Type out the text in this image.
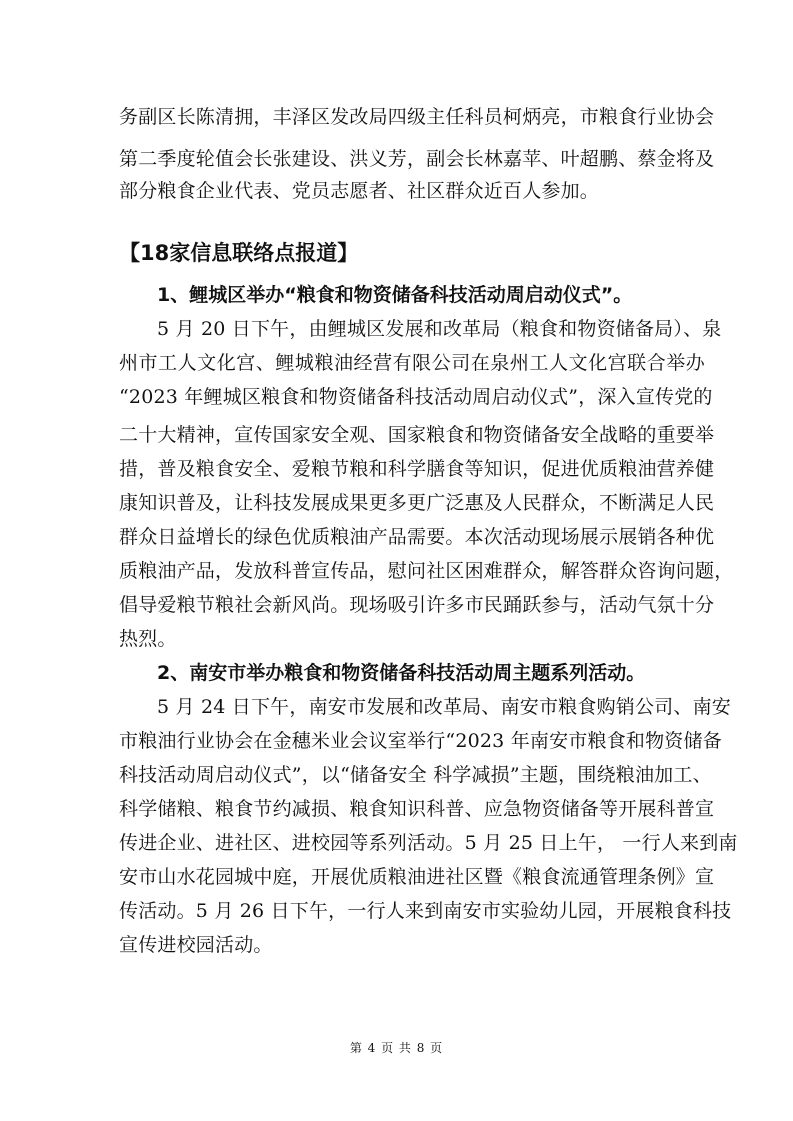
务副区长陈清拥，丰泽区发改局四级主任科员柯炳亮，市粮食行业协会
第二季度轮值会长张建设、洪义芳，副会长林嘉苹、叶超鹏、蔡金将及
部分粮食企业代表、党员志愿者、社区群众近百人参加。
【18家信息联络点报道】
1、鲤城区举办“粮食和物资储备科技活动周启动仪式”。
5 月 20 日下午，由鲤城区发展和改革局（粮食和物资储备局）、泉
州市工人文化宫、鲤城粮油经营有限公司在泉州工人文化宫联合举办
“2023 年鲤城区粮食和物资储备科技活动周启动仪式”，深入宣传党的
二十大精神，宣传国家安全观、国家粮食和物资储备安全战略的重要举
措，普及粮食安全、爱粮节粮和科学膳食等知识，促进优质粮油营养健
康知识普及，让科技发展成果更多更广泛惠及人民群众，不断满足人民
群众日益增长的绿色优质粮油产品需要。本次活动现场展示展销各种优
质粮油产品，发放科普宣传品，慰问社区困难群众，解答群众咨询问题，
倡导爱粮节粮社会新风尚。现场吸引许多市民踊跃参与，活动气氛十分
热烈。
2、南安市举办粮食和物资储备科技活动周主题系列活动。
5 月 24 日下午，南安市发展和改革局、南安市粮食购销公司、南安
市粮油行业协会在金穗米业会议室举行“2023 年南安市粮食和物资储备
科技活动周启动仪式”，以“储备安全 科学减损”主题，围绕粮油加工、
科学储粮、粮食节约减损、粮食知识科普、应急物资储备等开展科普宣
传进企业、进社区、进校园等系列活动。5 月 25 日上午， 一行人来到南
安市山水花园城中庭，开展优质粮油进社区暨《粮食流通管理条例》宣
传活动。5 月 26 日下午，一行人来到南安市实验幼儿园，开展粮食科技
宣传进校园活动。
第 4 页 共 8 页
